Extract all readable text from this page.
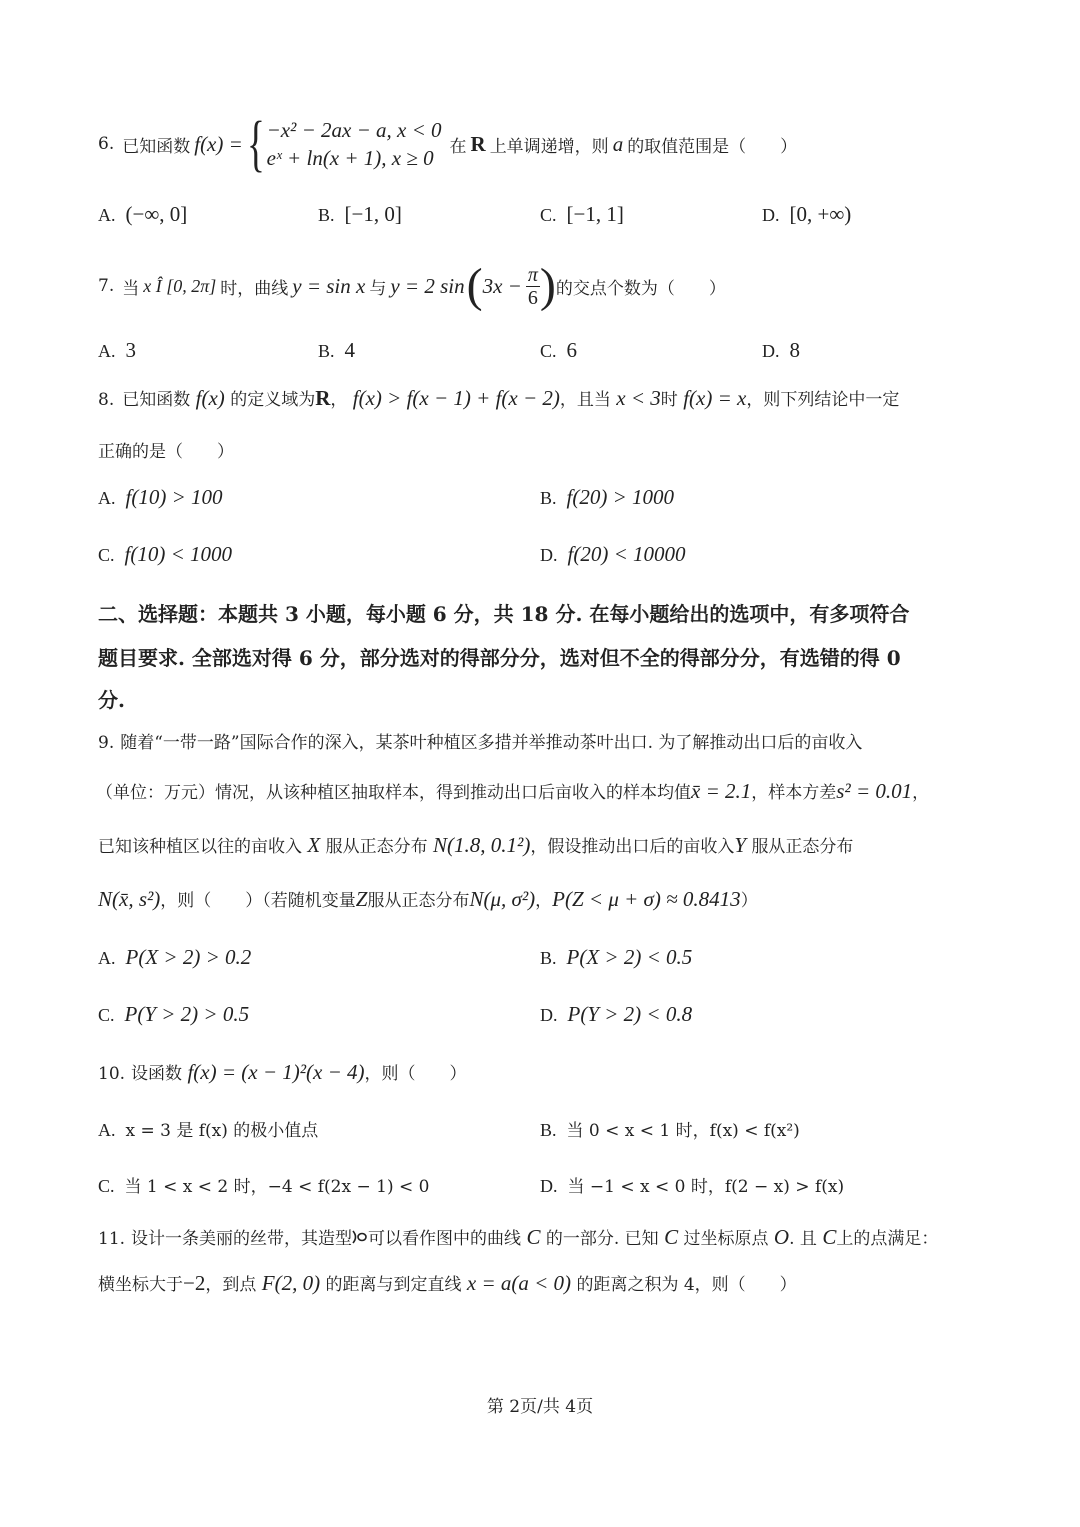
6. 已知函数 f(x) = { −x² − 2ax − a, x < 0
eˣ + ln(x + 1), x ≥ 0 在 R 上单调递增，则 a 的取值范围是（　　）
A. (−∞, 0]	B. [−1, 0]	C. [−1, 1]	D. [0, +∞)
7. 当 x Î [0, 2π] 时，曲线 y = sin x 与 y = 2 sin ( $3x - \frac{\pi}{6}$ ) 的交点个数为（　　）
A. 3	B. 4	C. 6	D. 8
8. 已知函数 f(x) 的定义域为R， f(x) > f(x − 1) + f(x − 2)，且当 x < 3时 f(x) = x，则下列结论中一定
正确的是（　　）
A. f(10) > 100	B. f(20) > 1000
C. f(10) < 1000	D. f(20) < 10000
二、选择题：本题共 3 小题，每小题 6 分，共 18 分. 在每小题给出的选项中，有多项符合
题目要求. 全部选对得 6 分，部分选对的得部分分，选对但不全的得部分分，有选错的得 0
分.
9. 随着“一带一路”国际合作的深入，某茶叶种植区多措并举推动茶叶出口. 为了解推动出口后的亩收入
（单位：万元）情况，从该种植区抽取样本，得到推动出口后亩收入的样本均值x̄ = 2.1，样本方差s² = 0.01，
已知该种植区以往的亩收入 X 服从正态分布 N(1.8, 0.1²)，假设推动出口后的亩收入Y 服从正态分布
N(x̄, s²)，则（　　）（若随机变量Z服从正态分布N(μ, σ²)，P(Z < μ + σ) ≈ 0.8413）
A. P(X > 2) > 0.2	B. P(X > 2) < 0.5
C. P(Y > 2) > 0.5	D. P(Y > 2) < 0.8
10. 设函数 f(x) = (x − 1)²(x − 4)，则（　　）
A. x = 3 是 f(x) 的极小值点	B. 当 0 < x < 1 时，f(x) < f(x²)
C. 当 1 < x < 2 时，−4 < f(2x − 1) < 0	D. 当 −1 < x < 0 时，f(2 − x) > f(x)
11. 设计一条美丽的丝带，其造型 可以看作图中的曲线 C 的一部分. 已知 C 过坐标原点 O. 且 C上的点满足：
横坐标大于−2，到点 F(2, 0) 的距离与到定直线 x = a(a < 0) 的距离之积为 4，则（　　）
第 2页/共 4页
